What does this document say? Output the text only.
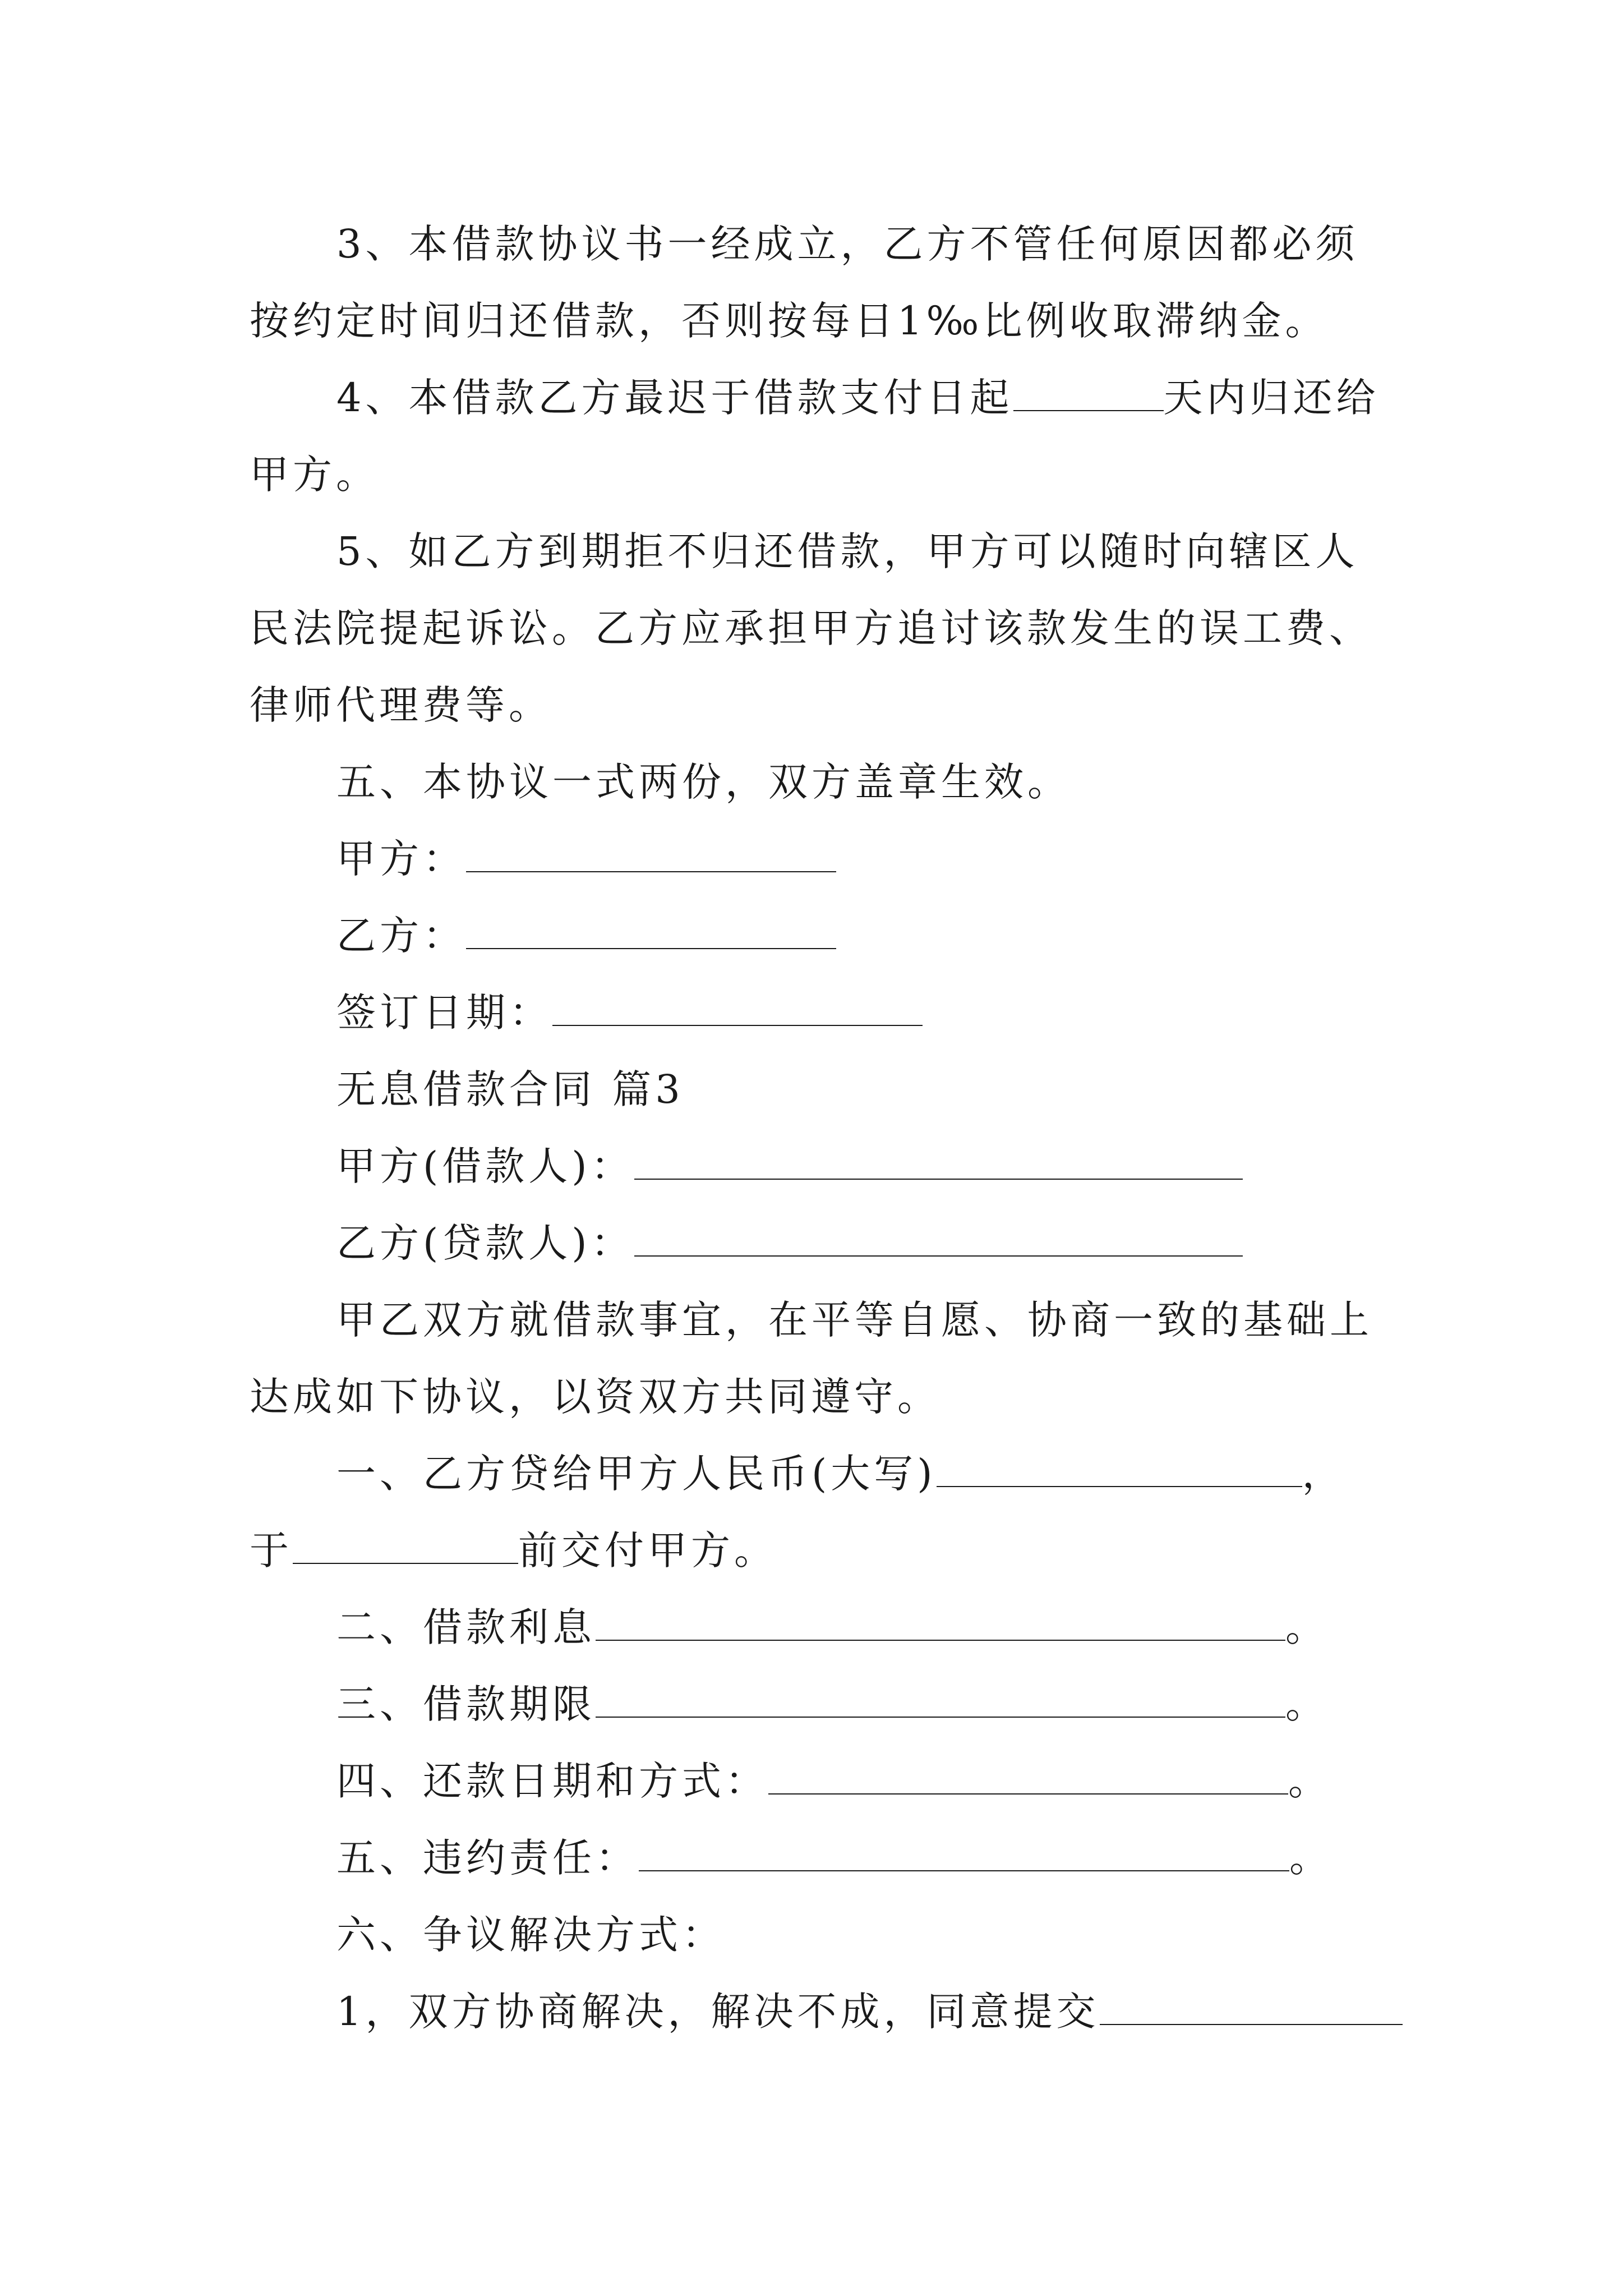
3、本借款协议书一经成立，乙方不管任何原因都必须
按约定时间归还借款，否则按每日1‰比例收取滞纳金。
4、本借款乙方最迟于借款支付日起	天内归还给
甲方。
5、如乙方到期拒不归还借款，甲方可以随时向辖区人
民法院提起诉讼。乙方应承担甲方追讨该款发生的误工费、
律师代理费等。
五、本协议一式两份，双方盖章生效。
甲方：
乙方：
签订日期：
无息借款合同 篇3
甲方(借款人)：
乙方(贷款人)：
甲乙双方就借款事宜，在平等自愿、协商一致的基础上
达成如下协议，以资双方共同遵守。
一、乙方贷给甲方人民币(大写)	，
于	前交付甲方。
二、借款利息	。
三、借款期限	。
四、还款日期和方式：	。
五、违约责任：	。
六、争议解决方式：
1，双方协商解决，解决不成，同意提交
